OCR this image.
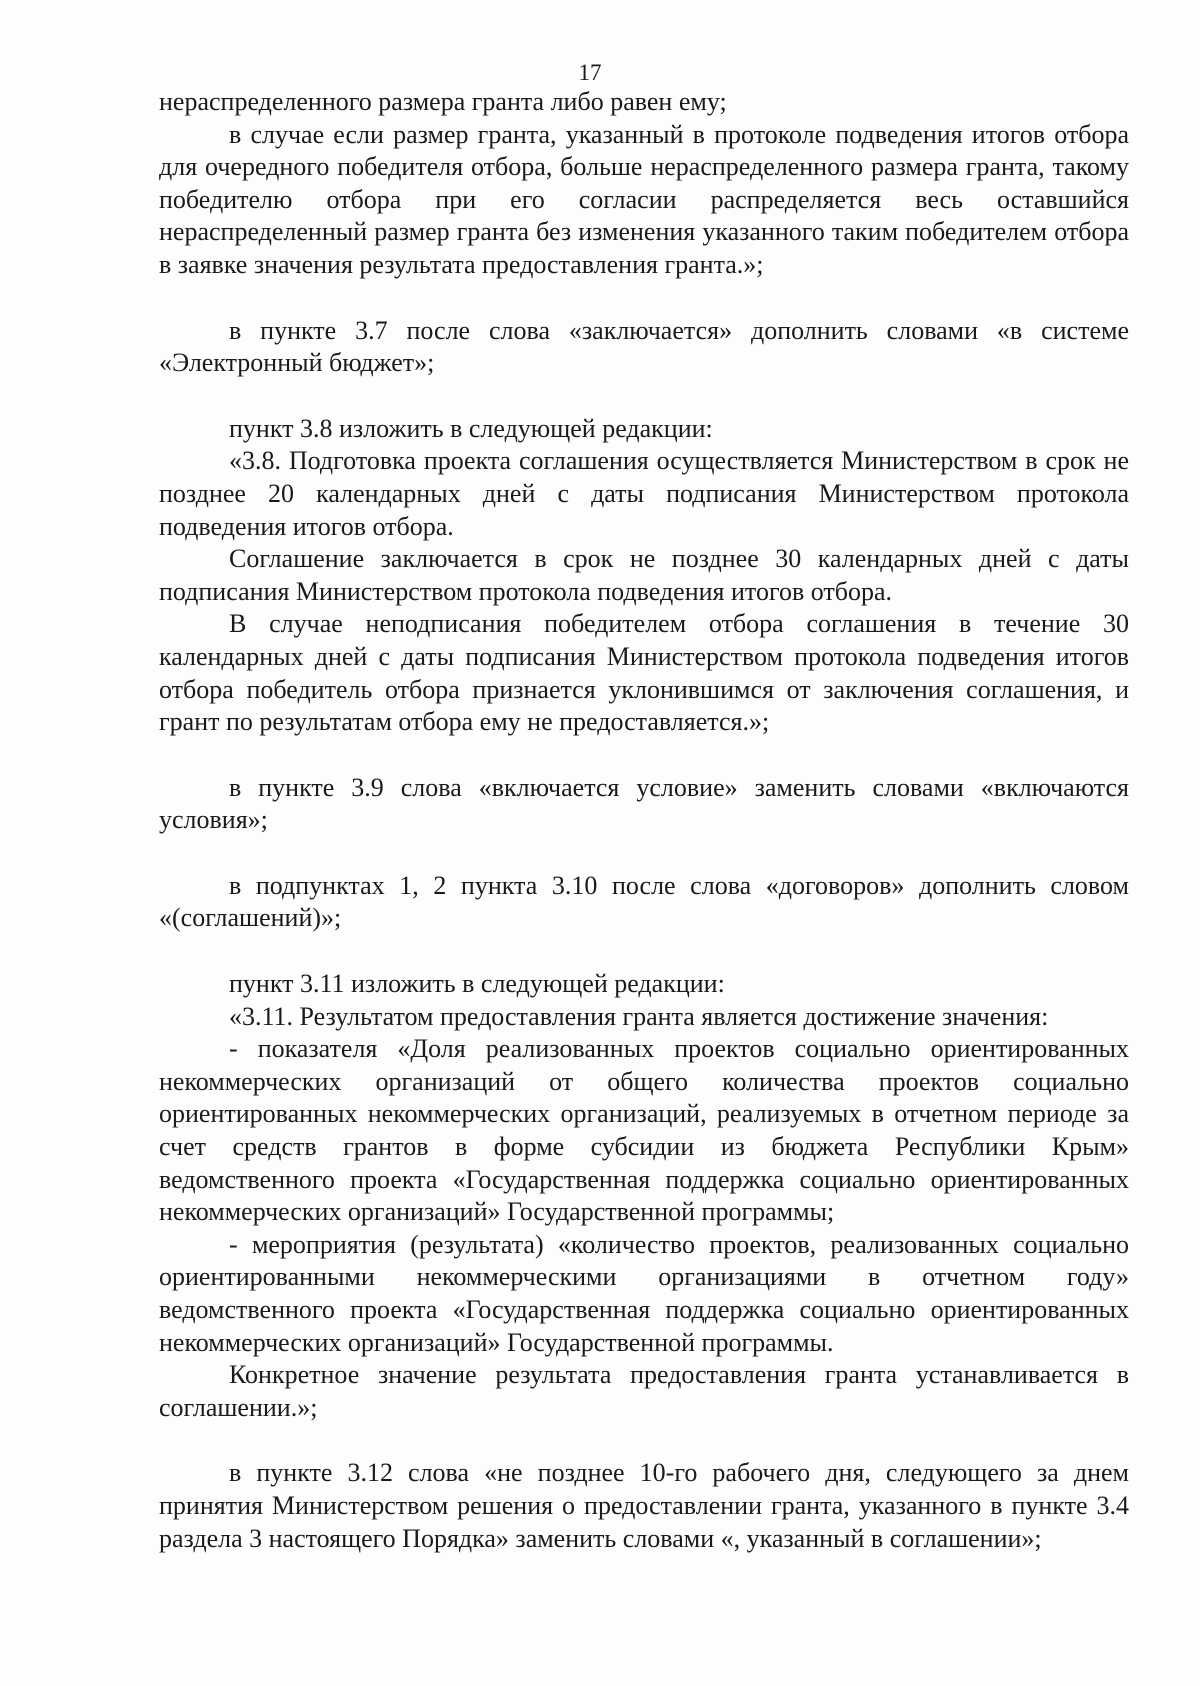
17

нераспределенного размера гранта либо равен ему;

в случае если размер гранта, указанный в протоколе подведения итогов отбора для очередного победителя отбора, больше нераспределенного размера гранта, такому победителю отбора при его согласии распределяется весь оставшийся нераспределенный размер гранта без изменения указанного таким победителем отбора в заявке значения результата предоставления гранта.»;

в пункте 3.7 после слова «заключается» дополнить словами «в системе «Электронный бюджет»;

пункт 3.8 изложить в следующей редакции:

«3.8. Подготовка проекта соглашения осуществляется Министерством в срок не позднее 20 календарных дней с даты подписания Министерством протокола подведения итогов отбора.

Соглашение заключается в срок не позднее 30 календарных дней с даты подписания Министерством протокола подведения итогов отбора.

В случае неподписания победителем отбора соглашения в течение 30 календарных дней с даты подписания Министерством протокола подведения итогов отбора победитель отбора признается уклонившимся от заключения соглашения, и грант по результатам отбора ему не предоставляется.»;

в пункте 3.9 слова «включается условие» заменить словами «включаются условия»;

в подпунктах 1, 2 пункта 3.10 после слова «договоров» дополнить словом «(соглашений)»;

пункт 3.11 изложить в следующей редакции:

«3.11. Результатом предоставления гранта является достижение значения:

- показателя «Доля реализованных проектов социально ориентированных некоммерческих организаций от общего количества проектов социально ориентированных некоммерческих организаций, реализуемых в отчетном периоде за счет средств грантов в форме субсидии из бюджета Республики Крым» ведомственного проекта «Государственная поддержка социально ориентированных некоммерческих организаций» Государственной программы;

- мероприятия (результата) «количество проектов, реализованных социально ориентированными некоммерческими организациями в отчетном году» ведомственного проекта «Государственная поддержка социально ориентированных некоммерческих организаций» Государственной программы.

Конкретное значение результата предоставления гранта устанавливается в соглашении.»;

в пункте 3.12 слова «не позднее 10-го рабочего дня, следующего за днем принятия Министерством решения о предоставлении гранта, указанного в пункте 3.4 раздела 3 настоящего Порядка» заменить словами «, указанный в соглашении»;
